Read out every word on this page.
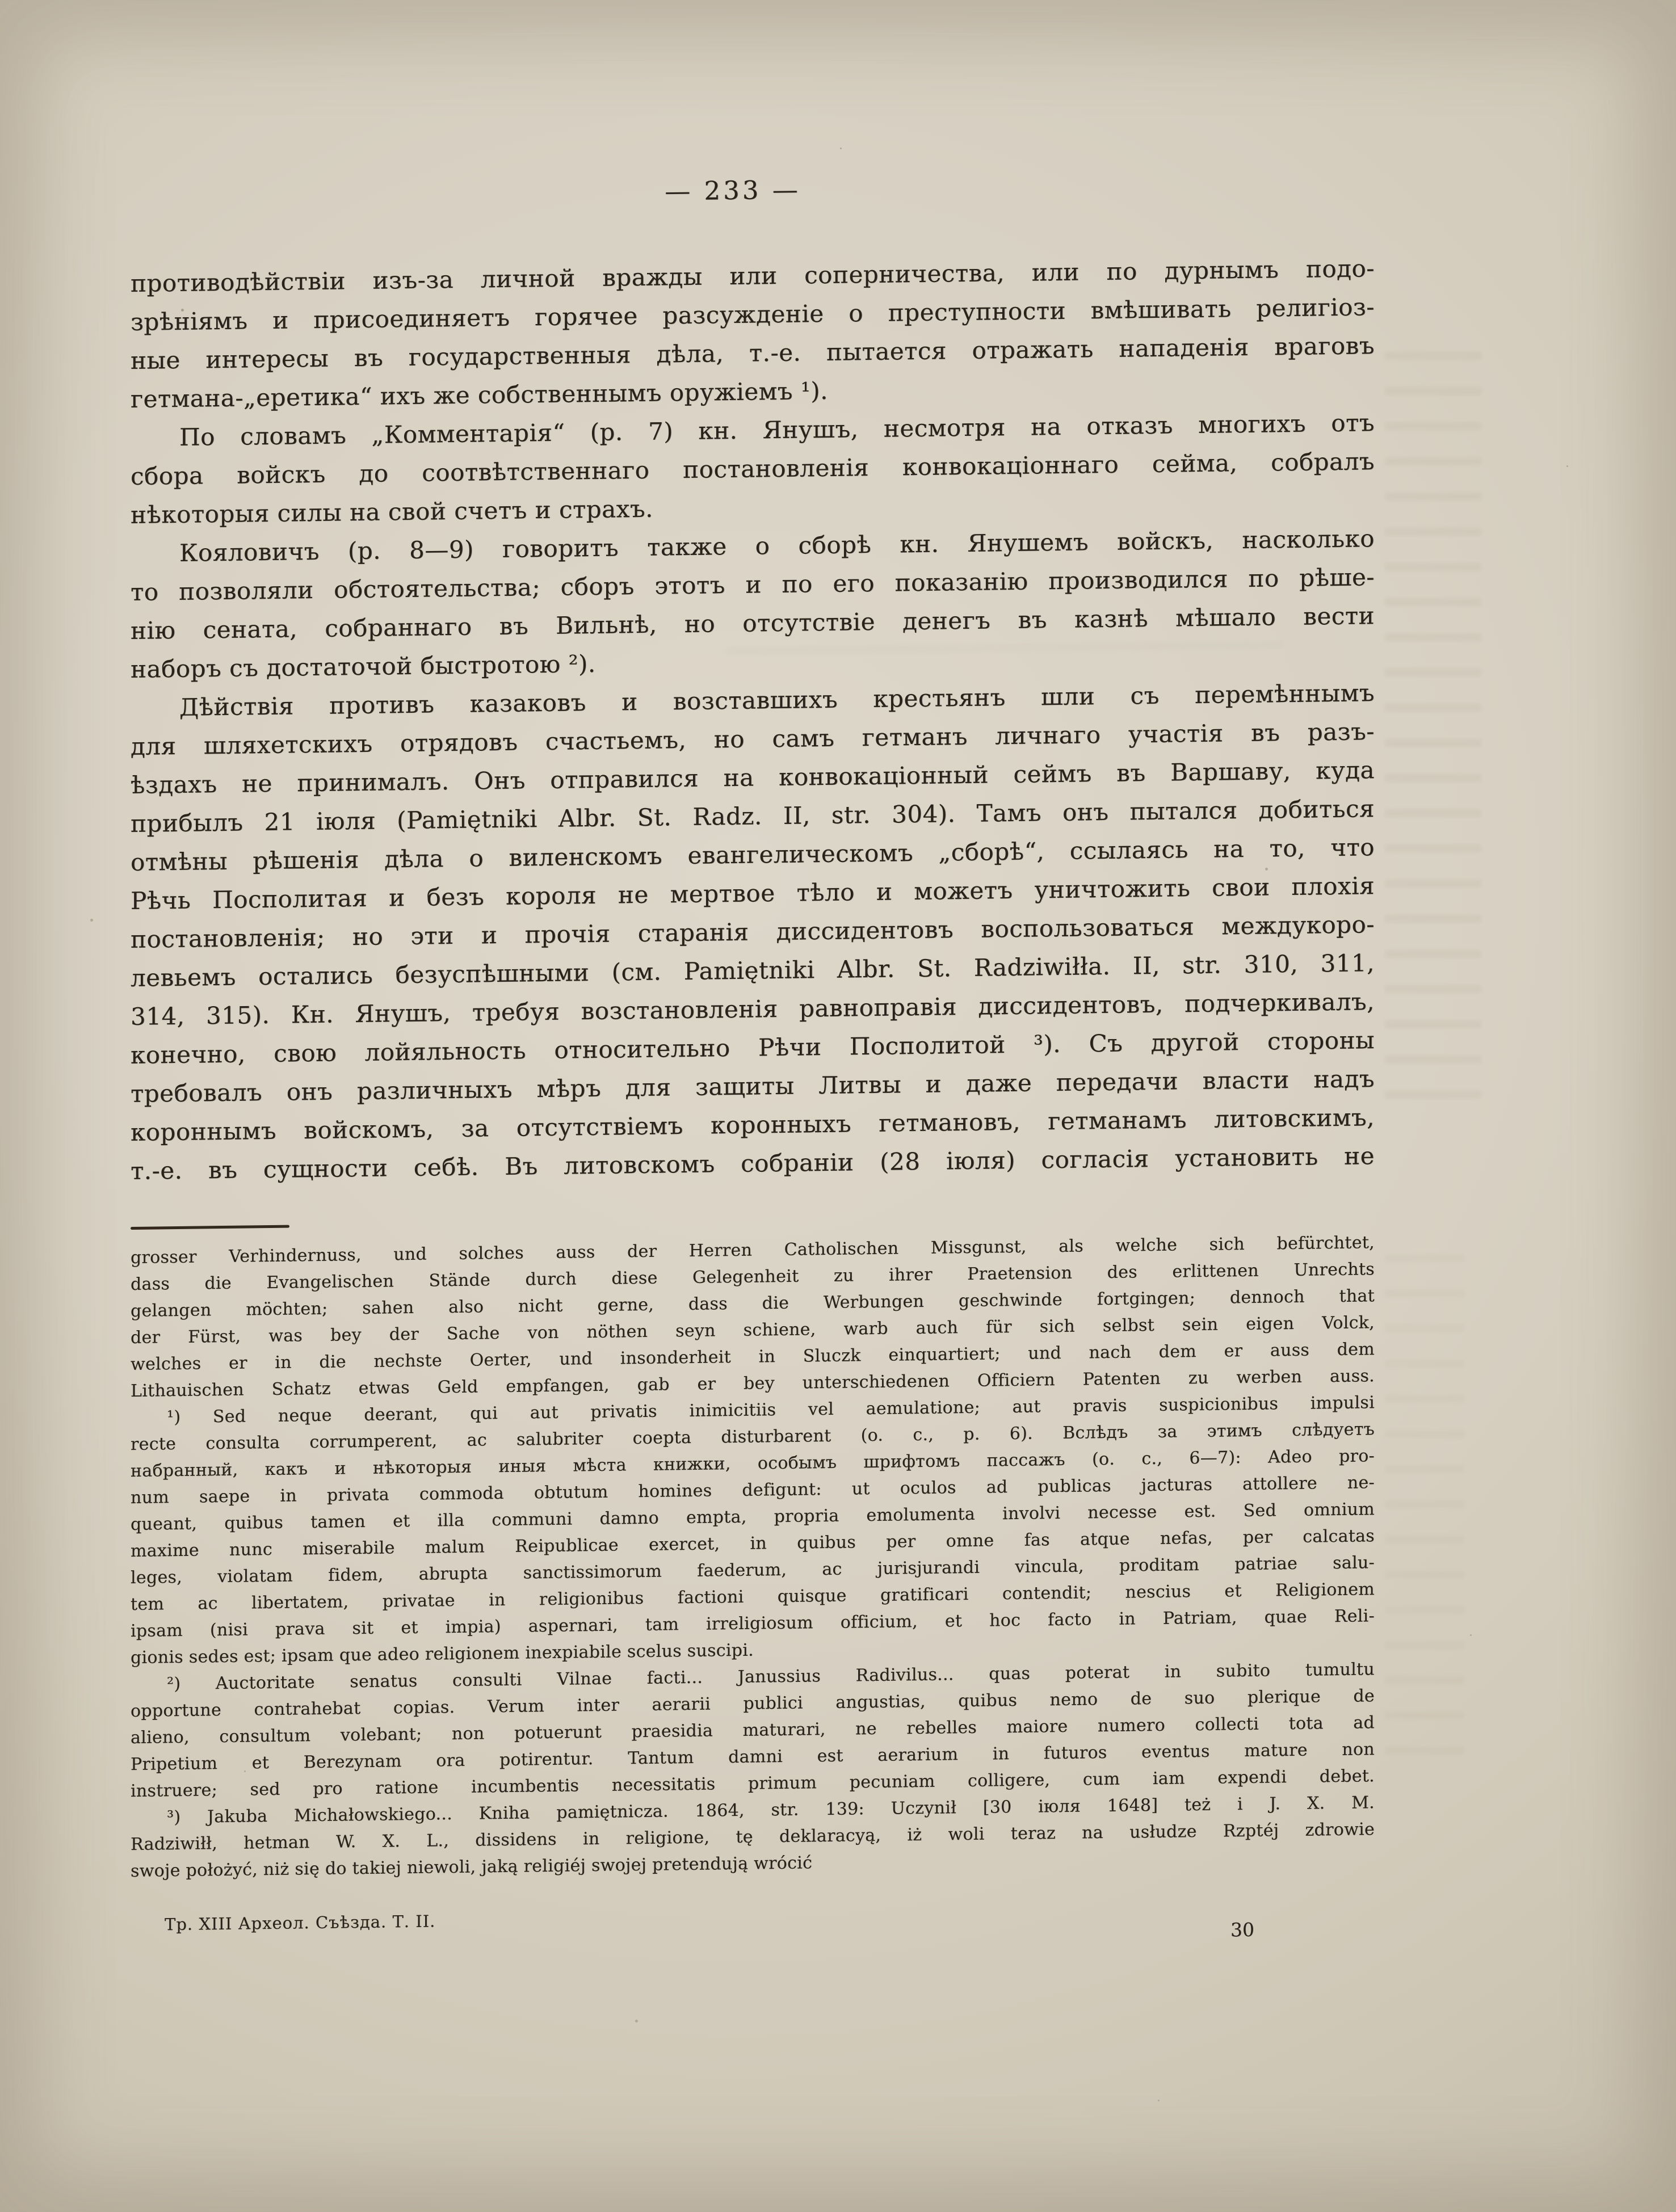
— 233 —
противодѣйствіи изъ-за личной вражды или соперничества, или по дурнымъ подо-
зрѣніямъ и присоединяетъ горячее разсужденіе о преступности вмѣшивать религіоз-
ные интересы въ государственныя дѣла, т.-е. пытается отражать нападенія враговъ
гетмана-„еретика“ ихъ же собственнымъ оружіемъ ¹).
По словамъ „Комментарія“ (р. 7) кн. Янушъ, несмотря на отказъ многихъ отъ
сбора войскъ до соотвѣтственнаго постановленія конвокаціоннаго сейма, собралъ
нѣкоторыя силы на свой счетъ и страхъ.
Кояловичъ (р. 8—9) говоритъ также о сборѣ кн. Янушемъ войскъ, насколько
то позволяли обстоятельства; сборъ этотъ и по его показанію производился по рѣше-
нію сената, собраннаго въ Вильнѣ, но отсутствіе денегъ въ казнѣ мѣшало вести
наборъ съ достаточой быстротою ²).
Дѣйствія противъ казаковъ и возставшихъ крестьянъ шли съ перемѣннымъ
для шляхетскихъ отрядовъ счастьемъ, но самъ гетманъ личнаго участія въ разъ-
ѣздахъ не принималъ. Онъ отправился на конвокаціонный сеймъ въ Варшаву, куда
прибылъ 21 іюля (Pamiętniki Albr. St. Radz. II, str. 304). Тамъ онъ пытался добиться
отмѣны рѣшенія дѣла о виленскомъ евангелическомъ „сборѣ“, ссылаясь на то, что
Рѣчь Посполитая и безъ короля не мертвое тѣло и можетъ уничтожить свои плохія
постановленія; но эти и прочія старанія диссидентовъ воспользоваться междукоро-
левьемъ остались безуспѣшными (см. Pamiętniki Albr. St. Radziwiłła. II, str. 310, 311,
314, 315). Кн. Янушъ, требуя возстановленія равноправія диссидентовъ, подчеркивалъ,
конечно, свою лойяльность относительно Рѣчи Посполитой ³). Съ другой стороны
требовалъ онъ различныхъ мѣръ для защиты Литвы и даже передачи власти надъ
короннымъ войскомъ, за отсутствіемъ коронныхъ гетмановъ, гетманамъ литовскимъ,
т.-е. въ сущности себѣ. Въ литовскомъ собраніи (28 іюля) согласія установить не
grosser Verhindernuss, und solches auss der Herren Catholischen Missgunst, als welche sich befürchtet,
dass die Evangelischen Stände durch diese Gelegenheit zu ihrer Praetension des erlittenen Unrechts
gelangen möchten; sahen also nicht gerne, dass die Werbungen geschwinde fortgingen; dennoch that
der Fürst, was bey der Sache von nöthen seyn schiene, warb auch für sich selbst sein eigen Volck,
welches er in die nechste Oerter, und insonderheit in Sluczk einquartiert; und nach dem er auss dem
Lithauischen Schatz etwas Geld empfangen, gab er bey unterschiedenen Officiern Patenten zu werben auss.
¹) Sed neque deerant, qui aut privatis inimicitiis vel aemulatione; aut pravis suspicionibus impulsi
recte consulta corrumperent, ac salubriter coepta disturbarent (o. c., p. 6). Вслѣдъ за этимъ слѣдуетъ
набранный, какъ и нѣкоторыя иныя мѣста книжки, особымъ шрифтомъ пассажъ (о. с., 6—7): Adeo pro-
num saepe in privata commoda obtutum homines defigunt: ut oculos ad publicas jacturas attollere ne-
queant, quibus tamen et illa communi damno empta, propria emolumenta involvi necesse est. Sed omnium
maxime nunc miserabile malum Reipublicae exercet, in quibus per omne fas atque nefas, per calcatas
leges, violatam fidem, abrupta sanctissimorum faederum, ac jurisjurandi vincula, proditam patriae salu-
tem ac libertatem, privatae in religionibus factioni quisque gratificari contendit; nescius et Religionem
ipsam (nisi prava sit et impia) aspernari, tam irreligiosum officium, et hoc facto in Patriam, quae Reli-
gionis sedes est; ipsam que adeo religionem inexpiabile scelus suscipi.
²) Auctoritate senatus consulti Vilnae facti... Janussius Radivilus... quas poterat in subito tumultu
opportune contrahebat copias. Verum inter aerarii publici angustias, quibus nemo de suo plerique de
alieno, consultum volebant; non potuerunt praesidia maturari, ne rebelles maiore numero collecti tota ad
Pripetium et Berezynam ora potirentur. Tantum damni est aerarium in futuros eventus mature non
instruere; sed pro ratione incumbentis necessitatis primum pecuniam colligere, cum iam expendi debet.
³) Jakuba Michałowskiego... Kniha pamiętnicza. 1864, str. 139: Uczynił [30 іюля 1648] też i J. X. M.
Radziwiłł, hetman W. X. L., dissidens in religione, tę deklaracyą, iż woli teraz na usłudze Rzptéj zdrowie
swoje położyć, niż się do takiej niewoli, jaką religiéj swojej pretendują wrócić
Тр. XIII Археол. Съѣзда. Т. II.	30
